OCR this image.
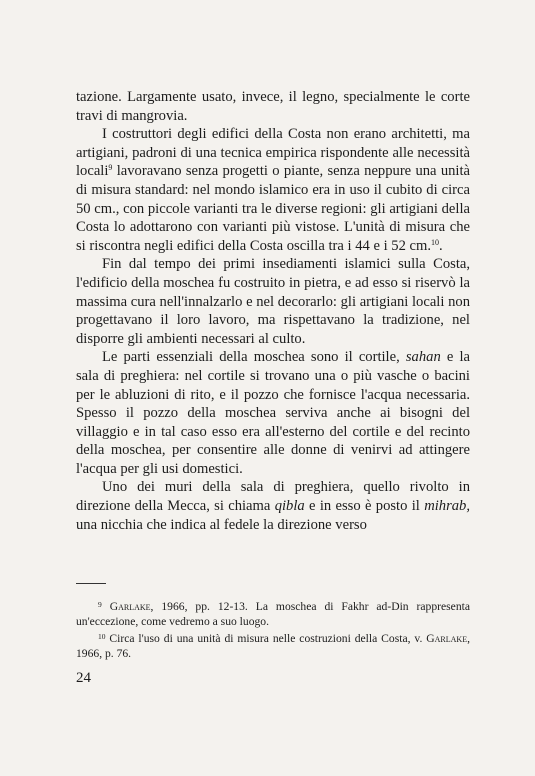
tazione. Largamente usato, invece, il legno, specialmente le corte travi di mangrovia.

I costruttori degli edifici della Costa non erano architetti, ma artigiani, padroni di una tecnica empirica rispondente alle necessità locali$^9$ lavoravano senza progetti o piante, senza neppure una unità di misura standard: nel mondo islamico era in uso il cubito di circa 50 cm., con piccole varianti tra le diverse regioni: gli artigiani della Costa lo adottarono con varianti più vistose. L'unità di misura che si riscontra negli edifici della Costa oscilla tra i 44 e i 52 cm.$^{10}$.

Fin dal tempo dei primi insediamenti islamici sulla Costa, l'edificio della moschea fu costruito in pietra, e ad esso si riservò la massima cura nell'innalzarlo e nel decorarlo: gli artigiani locali non progettavano il loro lavoro, ma rispettavano la tradizione, nel disporre gli ambienti necessari al culto.

Le parti essenziali della moschea sono il cortile, sahan e la sala di preghiera: nel cortile si trovano una o più vasche o bacini per le abluzioni di rito, e il pozzo che fornisce l'acqua necessaria. Spesso il pozzo della moschea serviva anche ai bisogni del villaggio e in tal caso esso era all'esterno del cortile e del recinto della moschea, per consentire alle donne di venirvi ad attingere l'acqua per gli usi domestici.

Uno dei muri della sala di preghiera, quello rivolto in direzione della Mecca, si chiama qibla e in esso è posto il mihrab, una nicchia che indica al fedele la direzione verso

$^9$ Garlake, 1966, pp. 12-13. La moschea di Fakhr ad-Din rappresenta un'eccezione, come vedremo a suo luogo.

$^{10}$ Circa l'uso di una unità di misura nelle costruzioni della Costa, v. Garlake, 1966, p. 76.

24
